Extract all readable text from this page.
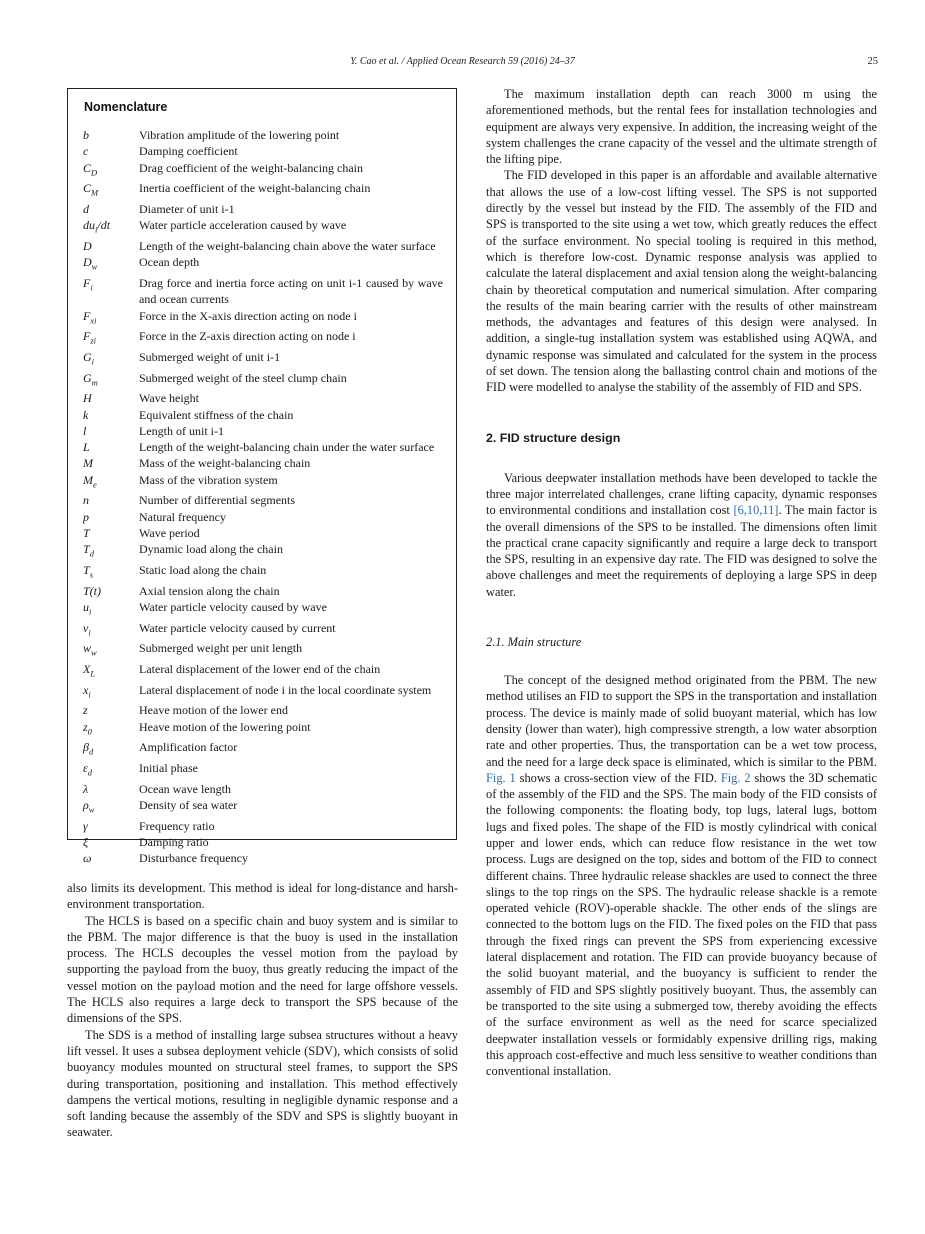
Y. Cao et al. / Applied Ocean Research 59 (2016) 24–37	25
Nomenclature
b	Vibration amplitude of the lowering point
c	Damping coefficient
$C_D$	Drag coefficient of the weight-balancing chain
$C_M$	Inertia coefficient of the weight-balancing chain
d	Diameter of unit i-1
$du_i/dt$	Water particle acceleration caused by wave
D	Length of the weight-balancing chain above the water surface
$D_w$	Ocean depth
$F_i$	Drag force and inertia force acting on unit i-1 caused by wave and ocean currents
$F_{xi}$	Force in the X-axis direction acting on node i
$F_{zi}$	Force in the Z-axis direction acting on node i
$G_i$	Submerged weight of unit i-1
$G_m$	Submerged weight of the steel clump chain
H	Wave height
k	Equivalent stiffness of the chain
l	Length of unit i-1
L	Length of the weight-balancing chain under the water surface
M	Mass of the weight-balancing chain
$M_e$	Mass of the vibration system
n	Number of differential segments
p	Natural frequency
T	Wave period
$T_d$	Dynamic load along the chain
$T_s$	Static load along the chain
T(t)	Axial tension along the chain
$u_i$	Water particle velocity caused by wave
$v_i$	Water particle velocity caused by current
$w_w$	Submerged weight per unit length
$X_L$	Lateral displacement of the lower end of the chain
$x_i$	Lateral displacement of node i in the local coordinate system
z	Heave motion of the lower end
$z_0$	Heave motion of the lowering point
$\beta_d$	Amplification factor
$\varepsilon_d$	Initial phase
λ	Ocean wave length
$\rho_w$	Density of sea water
γ	Frequency ratio
ξ	Damping ratio
ω	Disturbance frequency

also limits its development. This method is ideal for long-distance and harsh-environment transportation.

The HCLS is based on a specific chain and buoy system and is similar to the PBM. The major difference is that the buoy is used in the installation process. The HCLS decouples the vessel motion from the payload by supporting the payload from the buoy, thus greatly reducing the impact of the vessel motion on the payload motion and the need for large offshore vessels. The HCLS also requires a large deck to transport the SPS because of the dimensions of the SPS.

The SDS is a method of installing large subsea structures without a heavy lift vessel. It uses a subsea deployment vehicle (SDV), which consists of solid buoyancy modules mounted on structural steel frames, to support the SPS during transportation, positioning and installation. This method effectively dampens the vertical motions, resulting in negligible dynamic response and a soft landing because the assembly of the SDV and SPS is slightly buoyant in seawater.

The maximum installation depth can reach 3000 m using the aforementioned methods, but the rental fees for installation technologies and equipment are always very expensive. In addition, the increasing weight of the system challenges the crane capacity of the vessel and the ultimate strength of the lifting pipe.

The FID developed in this paper is an affordable and available alternative that allows the use of a low-cost lifting vessel. The SPS is not supported directly by the vessel but instead by the FID. The assembly of the FID and SPS is transported to the site using a wet tow, which greatly reduces the effect of the surface environment. No special tooling is required in this method, which is therefore low-cost. Dynamic response analysis was applied to calculate the lateral displacement and axial tension along the weight-balancing chain by theoretical computation and numerical simulation. After comparing the results of the main bearing carrier with the results of other mainstream methods, the advantages and features of this design were analysed. In addition, a single-tug installation system was established using AQWA, and dynamic response was simulated and calculated for the system in the process of set down. The tension along the ballasting control chain and motions of the FID were modelled to analyse the stability of the assembly of FID and SPS.

2. FID structure design

Various deepwater installation methods have been developed to tackle the three major interrelated challenges, crane lifting capacity, dynamic responses to environmental conditions and installation cost [6,10,11]. The main factor is the overall dimensions of the SPS to be installed. The dimensions often limit the practical crane capacity significantly and require a large deck to transport the SPS, resulting in an expensive day rate. The FID was designed to solve the above challenges and meet the requirements of deploying a large SPS in deep water.

2.1. Main structure

The concept of the designed method originated from the PBM. The new method utilises an FID to support the SPS in the transportation and installation process. The device is mainly made of solid buoyant material, which has low density (lower than water), high compressive strength, a low water absorption rate and other properties. Thus, the transportation can be a wet tow process, and the need for a large deck space is eliminated, which is similar to the PBM. Fig. 1 shows a cross-section view of the FID. Fig. 2 shows the 3D schematic of the assembly of the FID and the SPS. The main body of the FID consists of the following components: the floating body, top lugs, lateral lugs, bottom lugs and fixed poles. The shape of the FID is mostly cylindrical with conical upper and lower ends, which can reduce flow resistance in the wet tow process. Lugs are designed on the top, sides and bottom of the FID to connect different chains. Three hydraulic release shackles are used to connect the three slings to the top rings on the SPS. The hydraulic release shackle is a remote operated vehicle (ROV)-operable shackle. The other ends of the slings are connected to the bottom lugs on the FID. The fixed poles on the FID that pass through the fixed rings can prevent the SPS from experiencing excessive lateral displacement and rotation. The FID can provide buoyancy because of the solid buoyant material, and the buoyancy is sufficient to render the assembly of FID and SPS slightly positively buoyant. Thus, the assembly can be transported to the site using a submerged tow, thereby avoiding the effects of the surface environment as well as the need for scarce specialized deepwater installation vessels or formidably expensive drilling rigs, making this approach cost-effective and much less sensitive to weather conditions than conventional installation.
